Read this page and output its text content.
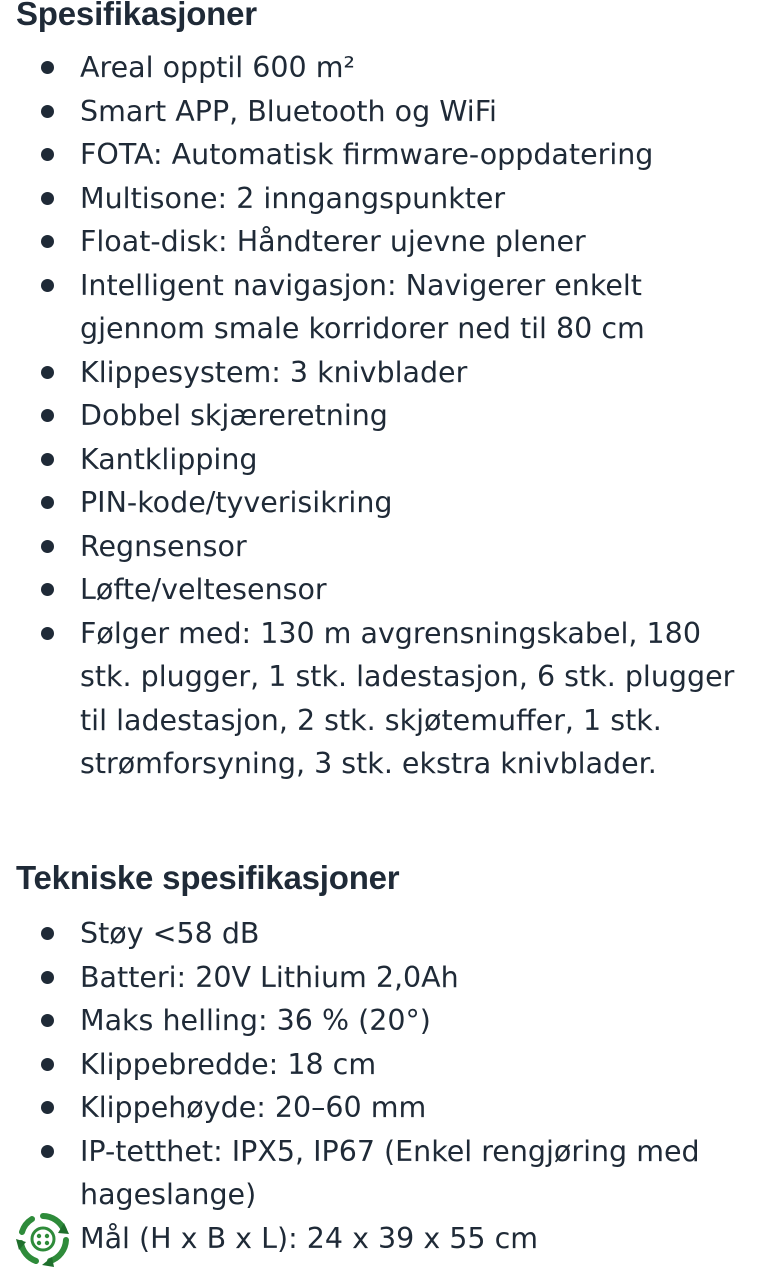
Spesifikasjoner
Areal opptil 600 m²
Smart APP, Bluetooth og WiFi
FOTA: Automatisk firmware-oppdatering
Multisone: 2 inngangspunkter
Float-disk: Håndterer ujevne plener
Intelligent navigasjon: Navigerer enkelt gjennom smale korridorer ned til 80 cm
Klippesystem: 3 knivblader
Dobbel skjæreretning
Kantklipping
PIN-kode/tyverisikring
Regnsensor
Løfte/veltesensor
Følger med: 130 m avgrensningskabel, 180 stk. plugger, 1 stk. ladestasjon, 6 stk. plugger til ladestasjon, 2 stk. skjøtemuffer, 1 stk. strømforsyning, 3 stk. ekstra knivblader.
Tekniske spesifikasjoner
Støy <58 dB
Batteri: 20V Lithium 2,0Ah
Maks helling: 36 % (20°)
Klippebredde: 18 cm
Klippehøyde: 20–60 mm
IP-tetthet: IPX5, IP67 (Enkel rengjøring med hageslange)
Mål (H x B x L): 24 x 39 x 55 cm
